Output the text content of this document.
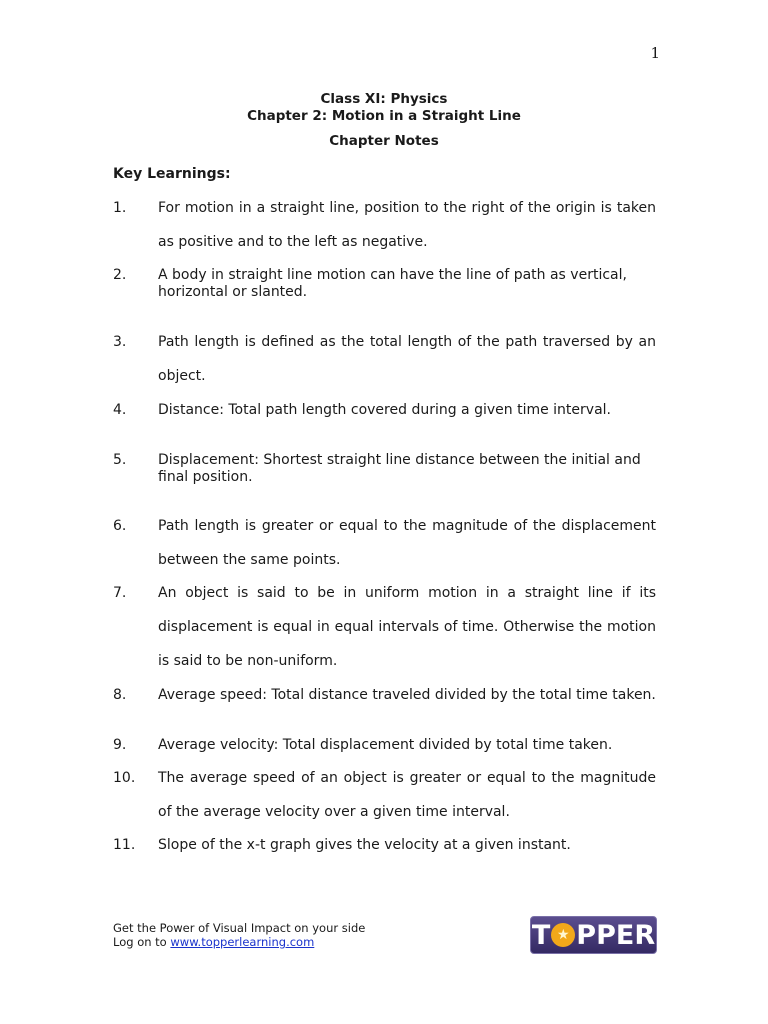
1
Class XI: Physics
Chapter 2: Motion in a Straight Line
Chapter Notes
Key Learnings:
1. For motion in a straight line, position to the right of the origin is taken as positive and to the left as negative.
2. A body in straight line motion can have the line of path as vertical, horizontal or slanted.
3. Path length is defined as the total length of the path traversed by an object.
4. Distance: Total path length covered during a given time interval.
5. Displacement: Shortest straight line distance between the initial and final position.
6. Path length is greater or equal to the magnitude of the displacement between the same points.
7. An object is said to be in uniform motion in a straight line if its displacement is equal in equal intervals of time. Otherwise the motion is said to be non-uniform.
8. Average speed: Total distance traveled divided by the total time taken.
9. Average velocity: Total displacement divided by total time taken.
10. The average speed of an object is greater or equal to the magnitude of the average velocity over a given time interval.
11. Slope of the x-t graph gives the velocity at a given instant.
Get the Power of Visual Impact on your side
Log on to www.topperlearning.com	T ★ PPER
